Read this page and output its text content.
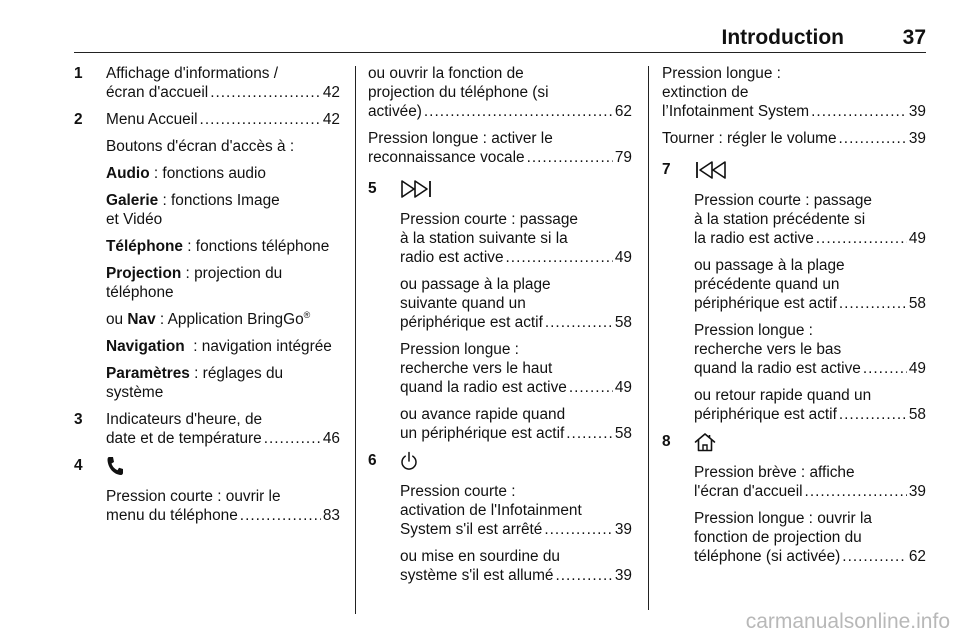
Introduction	37
1 Affichage d'informations /
écran d'accueil .....	42
2 Menu Accueil .....	42
Boutons d'écran d'accès à :
Audio : fonctions audio
Galerie : fonctions Image
et Vidéo
Téléphone : fonctions téléphone
Projection : projection du
téléphone
ou Nav : Application BringGo®
Navigation  : navigation intégrée
Paramètres : réglages du
système
3 Indicateurs d'heure, de
date et de température .....	46
4
Pression courte : ouvrir le
menu du téléphone .....	83
ou ouvrir la fonction de
projection du téléphone (si
activée) .....	62
Pression longue : activer le
reconnaissance vocale .....	79
5
Pression courte : passage
à la station suivante si la
radio est active .....	49
ou passage à la plage
suivante quand un
périphérique est actif .....	58
Pression longue :
recherche vers le haut
quand la radio est active .....	49
ou avance rapide quand
un périphérique est actif .....	58
6
Pression courte :
activation de l'Infotainment
System s'il est arrêté .....	39
ou mise en sourdine du
système s'il est allumé .....	39
Pression longue :
extinction de
l’Infotainment System .....	39
Tourner : régler le volume .....	39
7
Pression courte : passage
à la station précédente si
la radio est active .....	49
ou passage à la plage
précédente quand un
périphérique est actif .....	58
Pression longue :
recherche vers le bas
quand la radio est active .....	49
ou retour rapide quand un
périphérique est actif .....	58
8
Pression brève : affiche
l'écran d'accueil .....	39
Pression longue : ouvrir la
fonction de projection du
téléphone (si activée) .....	62
carmanualsonline.info
